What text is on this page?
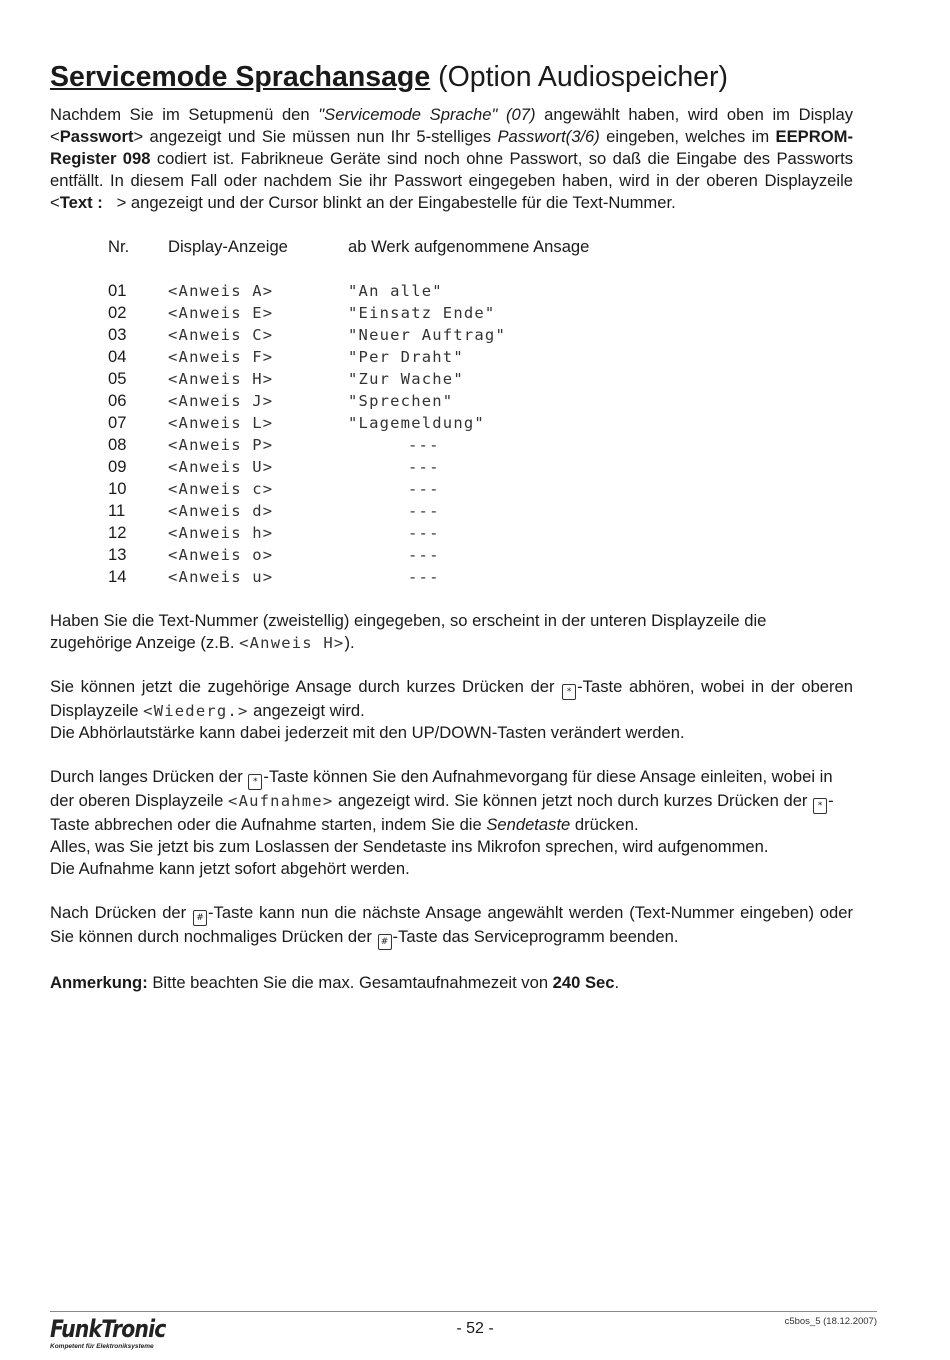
Servicemode Sprachansage (Option Audiospeicher)

Nachdem Sie im Setupmenü den "Servicemode Sprache" (07) angewählt haben, wird oben im Display <Passwort> angezeigt und Sie müssen nun Ihr 5-stelliges Passwort(3/6) eingeben, welches im EEPROM-Register 098 codiert ist. Fabrikneue Geräte sind noch ohne Passwort, so daß die Eingabe des Passworts entfällt. In diesem Fall oder nachdem Sie ihr Passwort eingegeben haben, wird in der oberen Displayzeile <Text :   > angezeigt und der Cursor blinkt an der Eingabestelle für die Text-Nummer.

Nr.	Display-Anzeige	ab Werk aufgenommene Ansage

01	<Anweis A>	"An alle"
02	<Anweis E>	"Einsatz Ende"
03	<Anweis C>	"Neuer Auftrag"
04	<Anweis F>	"Per Draht"
05	<Anweis H>	"Zur Wache"
06	<Anweis J>	"Sprechen"
07	<Anweis L>	"Lagemeldung"
08	<Anweis P>	---
09	<Anweis U>	---
10	<Anweis c>	---
11	<Anweis d>	---
12	<Anweis h>	---
13	<Anweis o>	---
14	<Anweis u>	---

Haben Sie die Text-Nummer (zweistellig) eingegeben, so erscheint in der unteren Displayzeile die zugehörige Anzeige (z.B. <Anweis H>).

Sie können jetzt die zugehörige Ansage durch kurzes Drücken der * -Taste abhören, wobei in der oberen Displayzeile <Wiederg.> angezeigt wird.
Die Abhörlautstärke kann dabei jederzeit mit den UP/DOWN-Tasten verändert werden.

Durch langes Drücken der * -Taste können Sie den Aufnahmevorgang für diese Ansage einleiten, wobei in der oberen Displayzeile <Aufnahme> angezeigt wird. Sie können jetzt noch durch kurzes Drücken der * -Taste abbrechen oder die Aufnahme starten, indem Sie die Sendetaste drücken.
Alles, was Sie jetzt bis zum Loslassen der Sendetaste ins Mikrofon sprechen, wird aufgenommen.
Die Aufnahme kann jetzt sofort abgehört werden.

Nach Drücken der # -Taste kann nun die nächste Ansage angewählt werden (Text-Nummer eingeben) oder Sie können durch nochmaliges Drücken der # -Taste das Serviceprogramm beenden.

Anmerkung: Bitte beachten Sie die max. Gesamtaufnahmezeit von 240 Sec.

FunkTronic
Kompetent für Elektroniksysteme
- 52 -	c5bos_5 (18.12.2007)
